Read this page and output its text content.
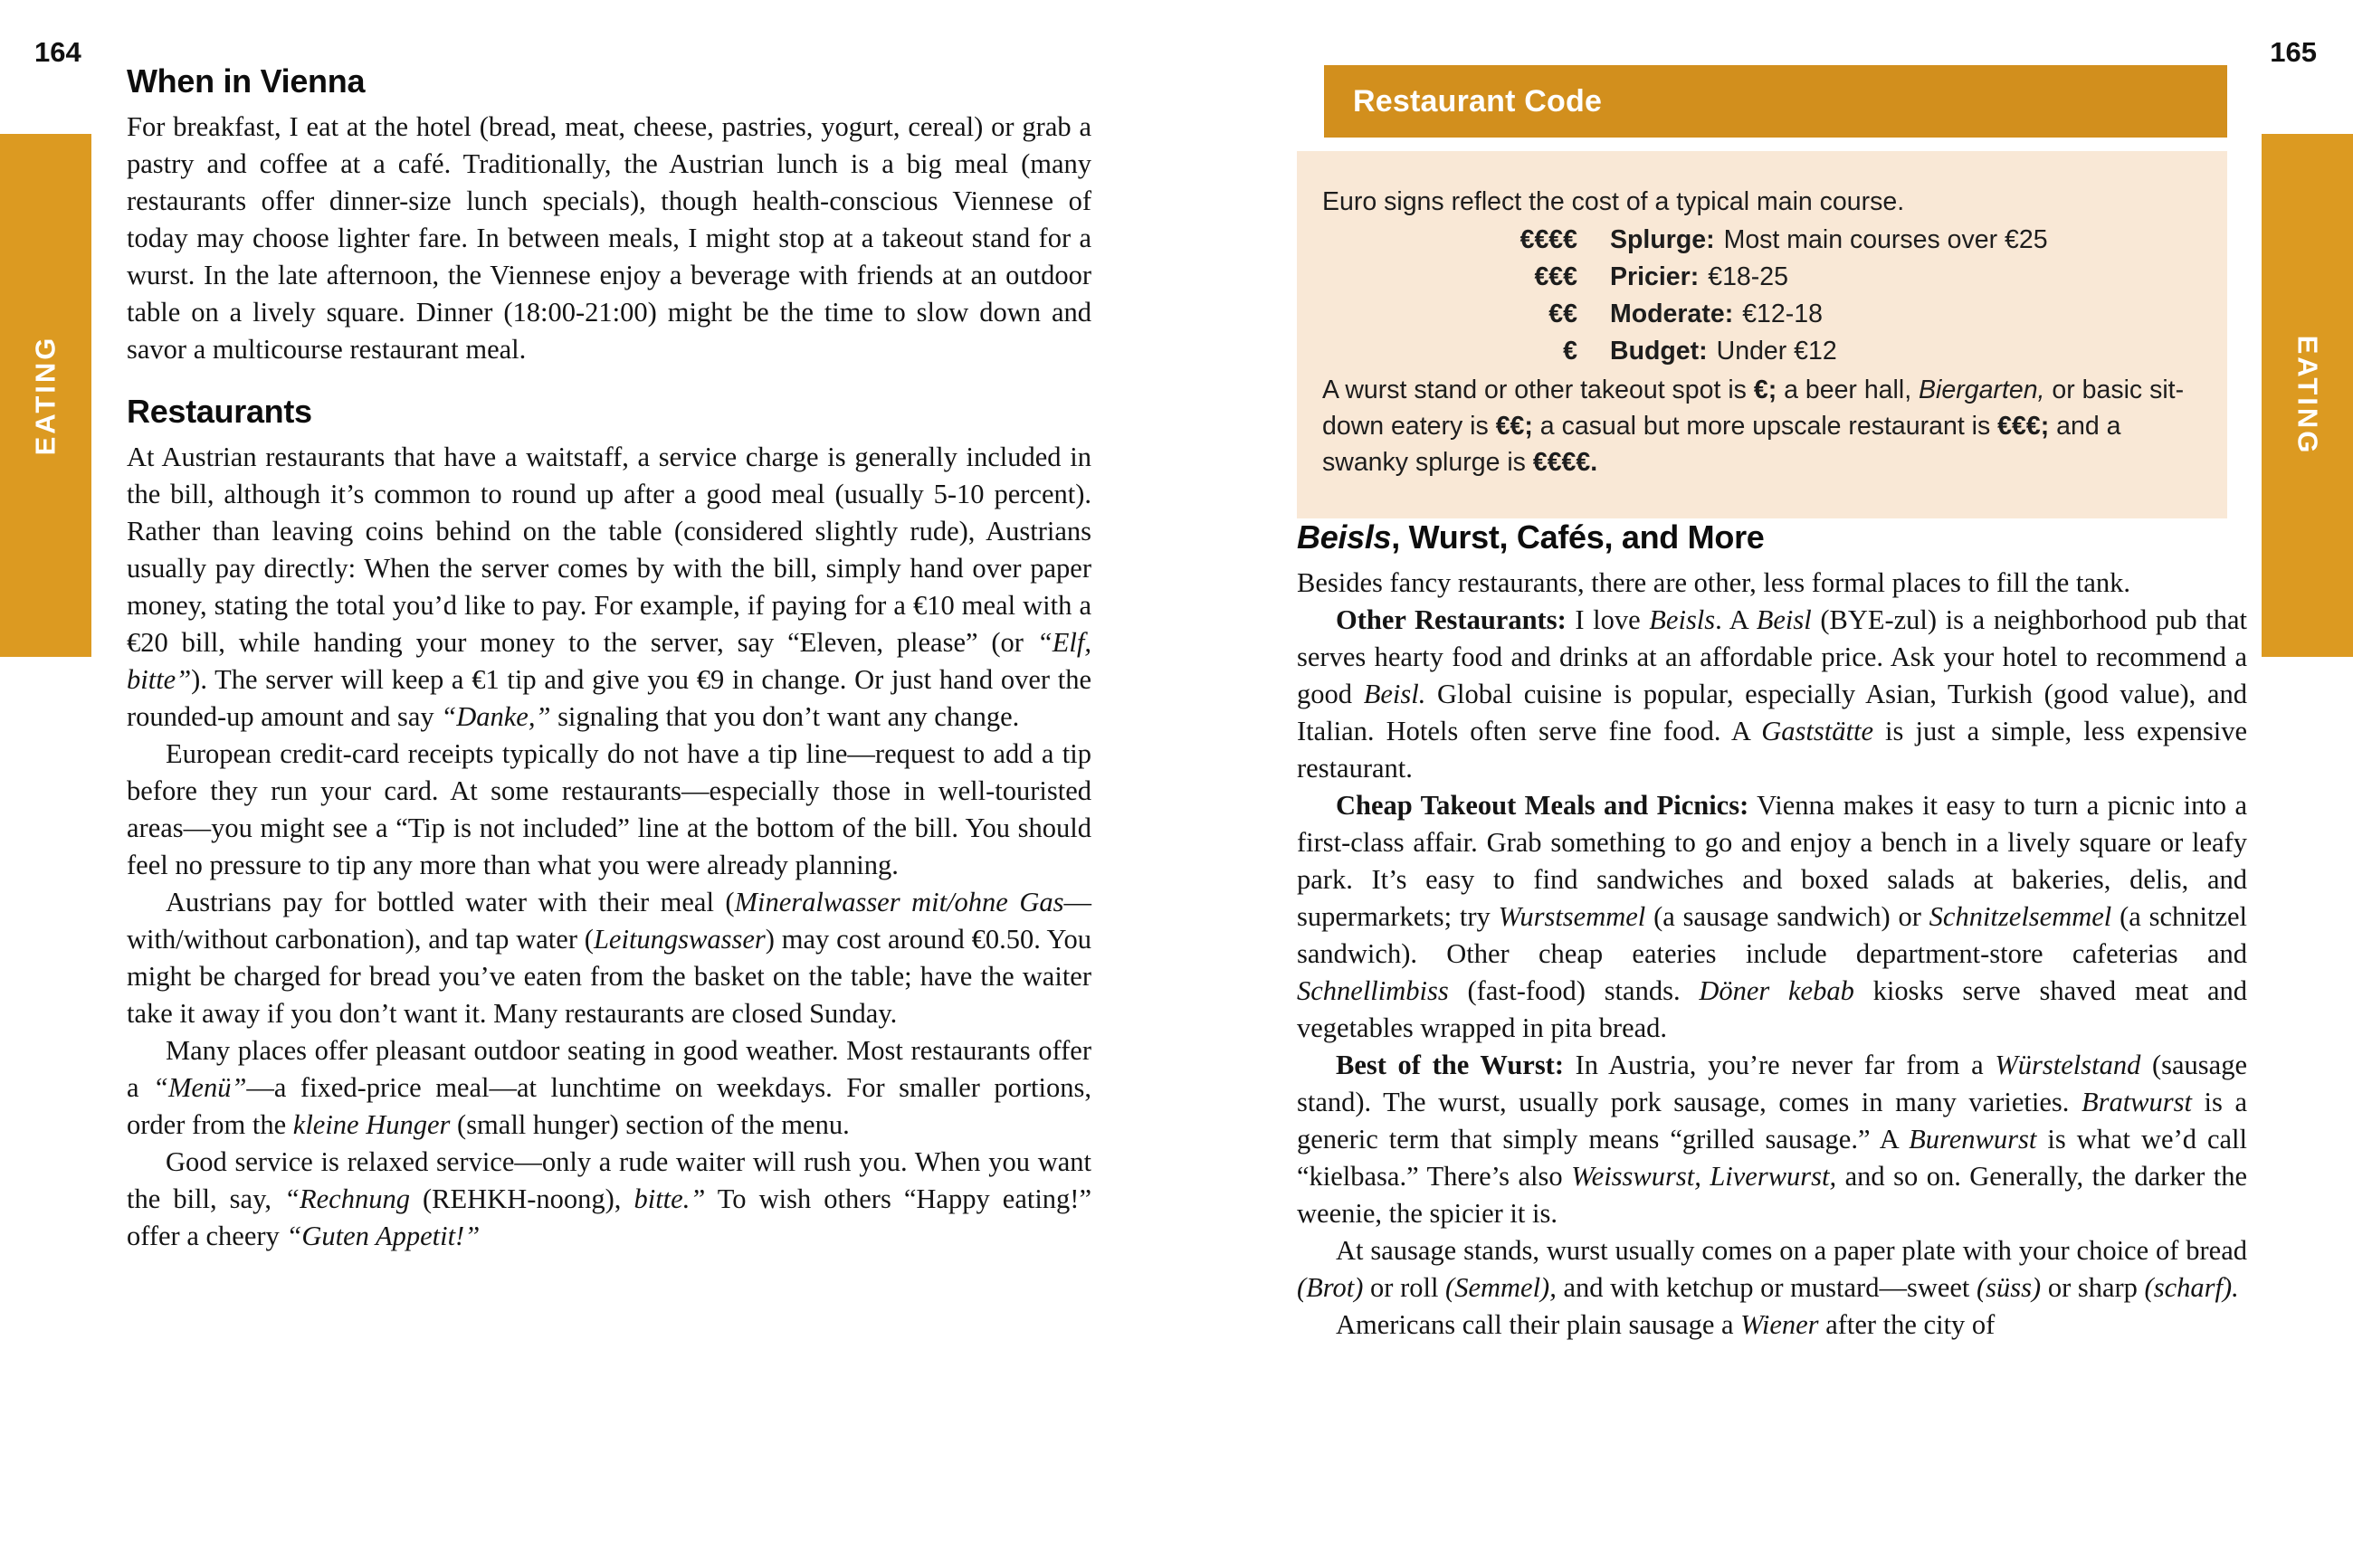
164	165
EATING	EATING
When in Vienna

For breakfast, I eat at the hotel (bread, meat, cheese, pastries, yogurt, cereal) or grab a pastry and coffee at a café. Traditionally, the Austrian lunch is a big meal (many restaurants offer dinner-size lunch specials), though health-conscious Viennese of today may choose lighter fare. In between meals, I might stop at a takeout stand for a wurst. In the late afternoon, the Viennese enjoy a beverage with friends at an outdoor table on a lively square. Dinner (18:00-21:00) might be the time to slow down and savor a multicourse restaurant meal.

Restaurants

At Austrian restaurants that have a waitstaff, a service charge is generally included in the bill, although it’s common to round up after a good meal (usually 5-10 percent). Rather than leaving coins behind on the table (considered slightly rude), Austrians usually pay directly: When the server comes by with the bill, simply hand over paper money, stating the total you’d like to pay. For example, if paying for a €10 meal with a €20 bill, while handing your money to the server, say “Eleven, please” (or “Elf, bitte”). The server will keep a €1 tip and give you €9 in change. Or just hand over the rounded-up amount and say “Danke,” signaling that you don’t want any change.

European credit-card receipts typically do not have a tip line—request to add a tip before they run your card. At some restaurants—especially those in well-touristed areas—you might see a “Tip is not included” line at the bottom of the bill. You should feel no pressure to tip any more than what you were already planning.

Austrians pay for bottled water with their meal (Mineralwasser mit/ohne Gas—with/without carbonation), and tap water (Leitungswasser) may cost around €0.50. You might be charged for bread you’ve eaten from the basket on the table; have the waiter take it away if you don’t want it. Many restaurants are closed Sunday.

Many places offer pleasant outdoor seating in good weather. Most restaurants offer a “Menü”—a fixed-price meal—at lunchtime on weekdays. For smaller portions, order from the kleine Hunger (small hunger) section of the menu.

Good service is relaxed service—only a rude waiter will rush you. When you want the bill, say, “Rechnung (REHKH-noong), bitte.” To wish others “Happy eating!” offer a cheery “Guten Appetit!”

Restaurant Code
Euro signs reflect the cost of a typical main course.
€€€€	Splurge: Most main courses over €25
€€€	Pricier: €18-25
€€	Moderate: €12-18
€	Budget: Under €12
A wurst stand or other takeout spot is €; a beer hall, Biergarten, or basic sit-down eatery is €€; a casual but more upscale restaurant is €€€; and a swanky splurge is €€€€.
Beisls, Wurst, Cafés, and More

Besides fancy restaurants, there are other, less formal places to fill the tank.

Other Restaurants: I love Beisls. A Beisl (BYE-zul) is a neighborhood pub that serves hearty food and drinks at an affordable price. Ask your hotel to recommend a good Beisl. Global cuisine is popular, especially Asian, Turkish (good value), and Italian. Hotels often serve fine food. A Gaststätte is just a simple, less expensive restaurant.

Cheap Takeout Meals and Picnics: Vienna makes it easy to turn a picnic into a first-class affair. Grab something to go and enjoy a bench in a lively square or leafy park. It’s easy to find sandwiches and boxed salads at bakeries, delis, and supermarkets; try Wurstsemmel (a sausage sandwich) or Schnitzelsemmel (a schnitzel sandwich). Other cheap eateries include department-store cafeterias and Schnellimbiss (fast-food) stands. Döner kebab kiosks serve shaved meat and vegetables wrapped in pita bread.

Best of the Wurst: In Austria, you’re never far from a Würstelstand (sausage stand). The wurst, usually pork sausage, comes in many varieties. Bratwurst is a generic term that simply means “grilled sausage.” A Burenwurst is what we’d call “kielbasa.” There’s also Weisswurst, Liverwurst, and so on. Generally, the darker the weenie, the spicier it is.

At sausage stands, wurst usually comes on a paper plate with your choice of bread (Brot) or roll (Semmel), and with ketchup or mustard—sweet (süss) or sharp (scharf).

Americans call their plain sausage a Wiener after the city of
